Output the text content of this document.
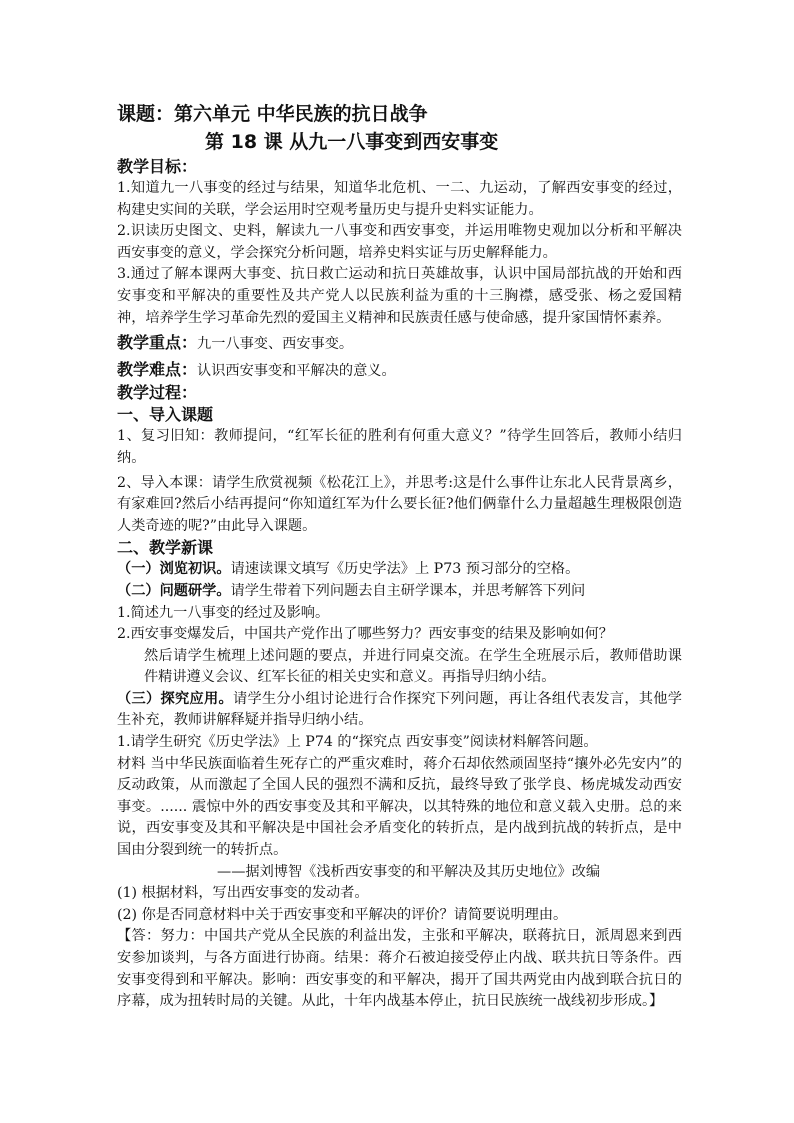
课题：第六单元 中华民族的抗日战争

第 18 课 从九一八事变到西安事变

教学目标：

1.知道九一八事变的经过与结果，知道华北危机、一二、九运动，了解西安事变的经过，构建史实间的关联，学会运用时空观考量历史与提升史料实证能力。

2.识读历史图文、史料，解读九一八事变和西安事变，并运用唯物史观加以分析和平解决西安事变的意义，学会探究分析问题，培养史料实证与历史解释能力。

3.通过了解本课两大事变、抗日救亡运动和抗日英雄故事，认识中国局部抗战的开始和西安事变和平解决的重要性及共产党人以民族利益为重的十三胸襟，感受张、杨之爱国精神，培养学生学习革命先烈的爱国主义精神和民族责任感与使命感，提升家国情怀素养。

教学重点：九一八事变、西安事变。

教学难点：认识西安事变和平解决的意义。

教学过程：

一、导入课题

1、复习旧知：教师提问，“红军长征的胜利有何重大意义？”待学生回答后，教师小结归纳。

2、导入本课：请学生欣赏视频《松花江上》，并思考:这是什么事件让东北人民背景离乡，有家难回?然后小结再提问“你知道红军为什么要长征?他们俩靠什么力量超越生理极限创造人类奇迹的呢?”由此导入课题。

二、教学新课

（一）浏览初识。请速读课文填写《历史学法》上 P73 预习部分的空格。

（二）问题研学。请学生带着下列问题去自主研学课本，并思考解答下列问

1.简述九一八事变的经过及影响。

2.西安事变爆发后，中国共产党作出了哪些努力？西安事变的结果及影响如何？

然后请学生梳理上述问题的要点，并进行同桌交流。在学生全班展示后，教师借助课件精讲遵义会议、红军长征的相关史实和意义。再指导归纳小结。

（三）探究应用。请学生分小组讨论进行合作探究下列问题，再让各组代表发言，其他学生补充，教师讲解释疑并指导归纳小结。

1.请学生研究《历史学法》上 P74 的“探究点 西安事变”阅读材料解答问题。

材料 当中华民族面临着生死存亡的严重灾难时，蒋介石却依然顽固坚持“攘外必先安内”的反动政策，从而激起了全国人民的强烈不满和反抗，最终导致了张学良、杨虎城发动西安事变。...... 震惊中外的西安事变及其和平解决，以其特殊的地位和意义载入史册。总的来说，西安事变及其和平解决是中国社会矛盾变化的转折点，是内战到抗战的转折点，是中国由分裂到统一的转折点。

——据刘博智《浅析西安事变的和平解决及其历史地位》改编

(1) 根据材料，写出西安事变的发动者。

(2) 你是否同意材料中关于西安事变和平解决的评价？请简要说明理由。

【答：努力：中国共产党从全民族的利益出发，主张和平解决，联蒋抗日，派周恩来到西安参加谈判，与各方面进行协商。结果：蒋介石被迫接受停止内战、联共抗日等条件。西安事变得到和平解决。影响：西安事变的和平解决，揭开了国共两党由内战到联合抗日的序幕，成为扭转时局的关键。从此，十年内战基本停止，抗日民族统一战线初步形成。】
